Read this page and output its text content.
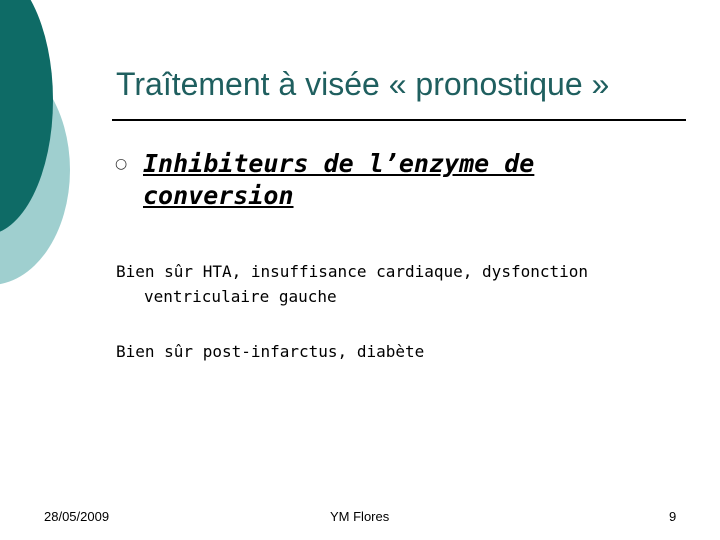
Traîtement à visée « pronostique »
○ Inhibiteurs de l’enzyme de conversion
Bien sûr HTA, insuffisance cardiaque, dysfonction
ventriculaire gauche
Bien sûr post-infarctus, diabète
28/05/2009	YM Flores	9
